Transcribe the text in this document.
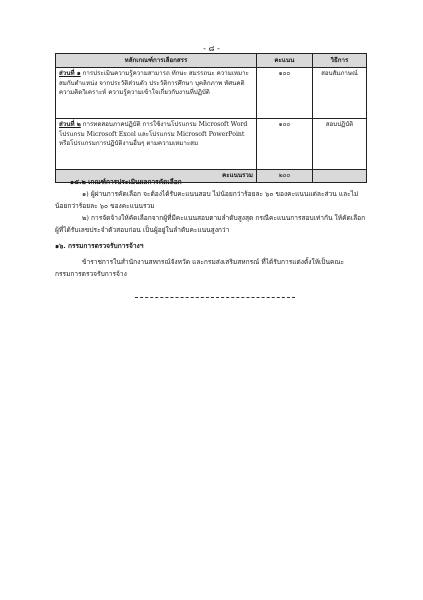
- ๘ -
หลักเกณฑ์การเลือกสรร	คะแนน	วิธีการ
ส่วนที่ ๑ การประเมินความรู้ความสามารถ ทักษะ สมรรถนะ ความเหมาะสมกับตำแหน่ง จากประวัติส่วนตัว ประวัติการศึกษา บุคลิกภาพ ทัศนคติ ความคิดวิเคราะห์ ความรู้ความเข้าใจเกี่ยวกับงานที่ปฏิบัติ	๑๐๐	สอบสัมภาษณ์
ส่วนที่ ๒ การทดสอบภาคปฏิบัติ การใช้งานโปรแกรม Microsoft Word โปรแกรม Microsoft Excel และโปรแกรม Microsoft PowerPoint หรือโปรแกรมการปฏิบัติงานอื่นๆ ตามความเหมาะสม	๑๐๐	สอบปฏิบัติ
คะแนนรวม	๒๐๐	
๑๕.๒ เกณฑ์การประเมินผลการคัดเลือก
๑) ผู้ผ่านการคัดเลือก จะต้องได้รับคะแนนสอบ ไม่น้อยกว่าร้อยละ ๖๐ ของคะแนนแต่ละส่วน และไม่น้อยกว่าร้อยละ ๖๐ ของคะแนนรวม
๒) การจัดจ้างให้คัดเลือกจากผู้ที่มีคะแนนสอบตามลำดับสูงสุด กรณีคะแนนการสอบเท่ากัน ให้คัดเลือกผู้ที่ได้รับเลขประจำตัวสอบก่อน เป็นผู้อยู่ในลำดับคะแนนสูงกว่า
๑๖. กรรมการตรวจรับการจ้างฯ
ข้าราชการในสำนักงานสหกรณ์จังหวัด และกรมส่งเสริมสหกรณ์ ที่ได้รับการแต่งตั้งให้เป็นคณะกรรมการตรวจรับการจ้าง
